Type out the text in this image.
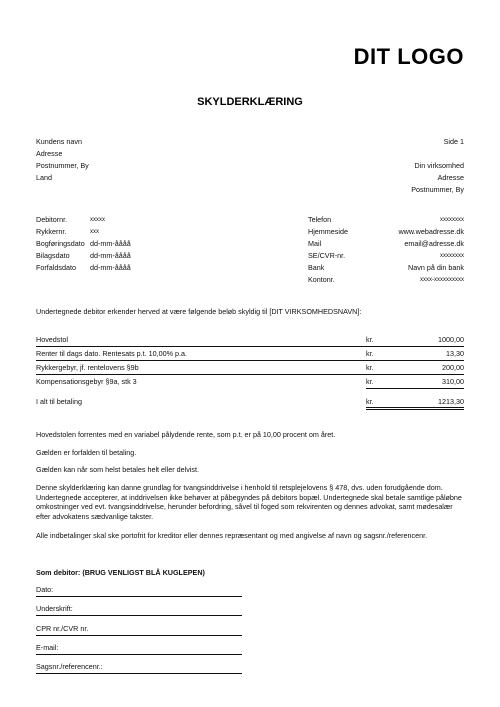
DIT LOGO
SKYLDERKLÆRING
Kundens navn
Adresse
Postnummer, By
Land
Side 1
Din virksomhed
Adresse
Postnummer, By
Debitornr.	xxxxx
Rykkernr.	xxx
Bogføringsdato dd-mm-åååå
Bilagsdato	dd-mm-åååå
Forfaldsdato dd-mm-åååå
Telefon	xxxxxxxx
Hjemmeside	www.webadresse.dk
Mail	email@adresse.dk
SE/CVR-nr.	xxxxxxxx
Bank	Navn på din bank
Kontonr.	xxxx-xxxxxxxxxx
Undertegnede debitor erkender herved at være følgende beløb skyldig til [DIT VIRKSOMHEDSNAVN]:
Hovedstol	kr.	1000,00
Renter til dags dato. Rentesats p.t. 10,00% p.a.	kr.	13,30
Rykkergebyr, jf. rentelovens §9b	kr.	200,00
Kompensationsgebyr §9a, stk 3	kr.	310,00
I alt til betaling	kr.	1213,30
Hovedstolen forrentes med en variabel pålydende rente, som p.t. er på 10,00 procent om året.
Gælden er forfalden til betaling.
Gælden kan når som helst betales helt eller delvist.
Denne skylderklæring kan danne grundlag for tvangsinddrivelse i henhold til retsplejelovens § 478, dvs. uden forudgående dom. Undertegnede accepterer, at inddrivelsen ikke behøver at påbegyndes på debitors bopæl. Undertegnede skal betale samtlige påløbne omkostninger ved evt. tvangsinddrivelse, herunder befordring, såvel til foged som rekvirenten og dennes advokat, samt mødesalær efter advokatens sædvanlige takster.
Alle indbetalinger skal ske portofrit for kreditor eller dennes repræsentant og med angivelse af navn og sagsnr./referencenr.
Som debitor: (BRUG VENLIGST BLÅ KUGLEPEN)
Dato:
Underskrift:
CPR nr./CVR nr.
E-mail:
Sagsnr./referencenr.:
